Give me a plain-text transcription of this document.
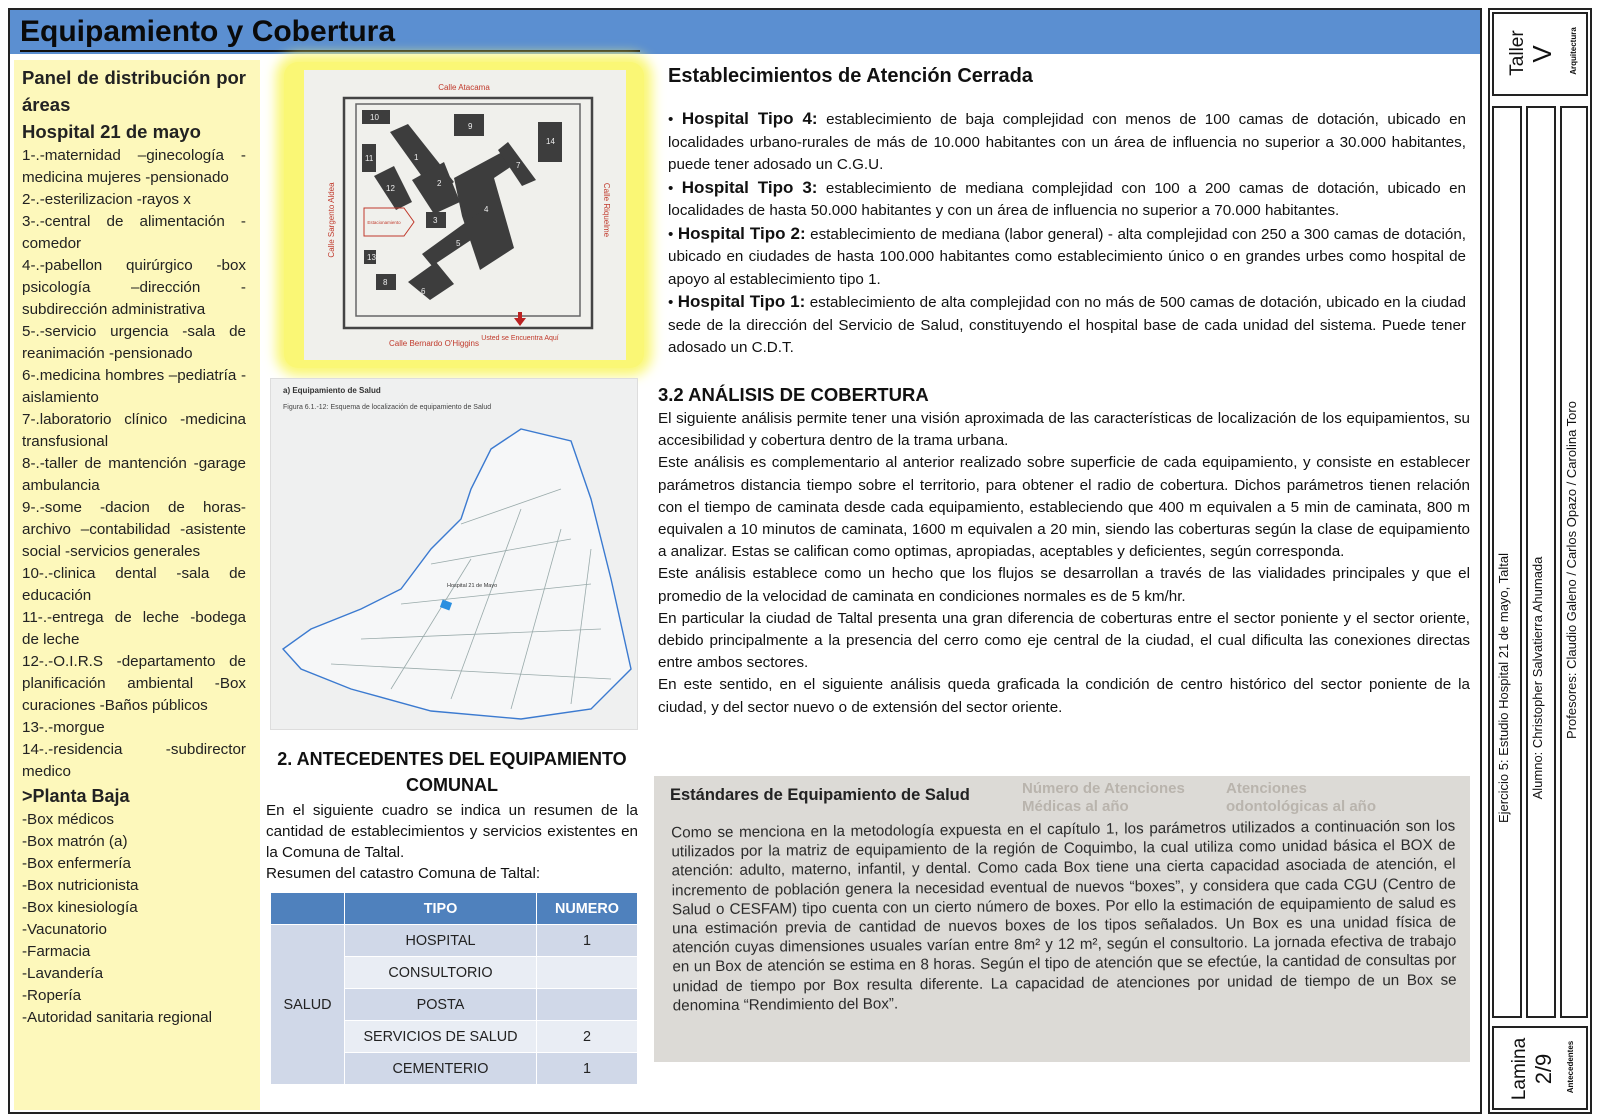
Equipamiento y Cobertura
Panel de distribución por áreas
Hospital 21 de mayo
1-.-maternidad –ginecología -medicina mujeres -pensionado
2-.-esterilizacion -rayos x
3-.-central de alimentación -comedor
4-.-pabellon quirúrgico -box psicología –dirección -subdirección administrativa
5-.-servicio urgencia -sala de reanimación -pensionado
6-.medicina hombres –pediatría -aislamiento
7-.laboratorio clínico -medicina transfusional
8-.-taller de mantención -garage ambulancia
9-.-some -dacion de horas-archivo –contabilidad -asistente social -servicios generales
10-.-clinica dental -sala de educación
11-.-entrega de leche -bodega de leche
12-.-O.I.R.S -departamento de planificación ambiental -Box curaciones -Baños públicos
13-.-morgue
14-.-residencia -subdirector medico
>Planta Baja
-Box médicos
-Box matrón (a)
-Box enfermería
-Box nutricionista
-Box kinesiología
-Vacunatorio
-Farmacia
-Lavandería
-Ropería
-Autoridad sanitaria regional
Calle Atacama
Calle Bernardo O'Higgins
Calle Sargento Aldea	Calle Riquelme
10
9
14
11	1
2
12
4
7
3
5
6
8
13
Estacionamiento
Usted se Encuentra Aquí
a) Equipamiento de Salud
Figura 6.1.-12: Esquema de localización de equipamiento de Salud
Hospital 21 de Mayo
2. ANTECEDENTES DEL EQUIPAMIENTO COMUNAL
En el siguiente cuadro se indica un resumen de la cantidad de establecimientos y servicios existentes en la Comuna de Taltal.
Resumen del catastro Comuna de Taltal:
	TIPO	NUMERO
SALUD	HOSPITAL	1
	CONSULTORIO	
	POSTA	
	SERVICIOS DE SALUD	2
	CEMENTERIO	1
Establecimientos de Atención Cerrada
• Hospital Tipo 4: establecimiento de baja complejidad con menos de 100 camas de dotación, ubicado en localidades urbano-rurales de más de 10.000 habitantes con un área de influencia no superior a 30.000 habitantes, puede tener adosado un C.G.U.
• Hospital Tipo 3: establecimiento de mediana complejidad con 100 a 200 camas de dotación, ubicado en localidades de hasta 50.000 habitantes y con un área de influencia no superior a 70.000 habitantes.
• Hospital Tipo 2: establecimiento de mediana (labor general) - alta complejidad con 250 a 300 camas de dotación, ubicado en ciudades de hasta 100.000 habitantes como establecimiento único o en grandes urbes como hospital de apoyo al establecimiento tipo 1.
• Hospital Tipo 1: establecimiento de alta complejidad con no más de 500 camas de dotación, ubicado en la ciudad sede de la dirección del Servicio de Salud, constituyendo el hospital base de cada unidad del sistema. Puede tener adosado un C.D.T.
3.2 ANÁLISIS DE COBERTURA
El siguiente análisis permite tener una visión aproximada de las características de localización de los equipamientos, su accesibilidad y cobertura dentro de la trama urbana.
Este análisis es complementario al anterior realizado sobre superficie de cada equipamiento, y consiste en establecer parámetros distancia tiempo sobre el territorio, para obtener el radio de cobertura. Dichos parámetros tienen relación con el tiempo de caminata desde cada equipamiento, estableciendo que 400 m equivalen a 5 min de caminata, 800 m equivalen a 10 minutos de caminata, 1600 m equivalen a 20 min, siendo las coberturas según la clase de equipamiento a analizar. Estas se califican como optimas, apropiadas, aceptables y deficientes, según corresponda.
Este análisis establece como un hecho que los flujos se desarrollan a través de las vialidades principales y que el promedio de la velocidad de caminata en condiciones normales es de 5 km/hr.
En particular la ciudad de Taltal presenta una gran diferencia de coberturas entre el sector poniente y el sector oriente, debido principalmente a la presencia del cerro como eje central de la ciudad, el cual dificulta las conexiones directas entre ambos sectores.
En este sentido, en el siguiente análisis queda graficada la condición de centro histórico del sector poniente de la ciudad, y del sector nuevo o de extensión del sector oriente.
Número de Atenciones Médicas al año
Atenciones odontológicas al año
Estándares de Equipamiento de Salud
Como se menciona en la metodología expuesta en el capítulo 1, los parámetros utilizados a continuación son los utilizados por la matriz de equipamiento de la región de Coquimbo, la cual utiliza como unidad básica el BOX de atención: adulto, materno, infantil, y dental. Como cada Box tiene una cierta capacidad asociada de atención, el incremento de población genera la necesidad eventual de nuevos “boxes”, y considera que cada CGU (Centro de Salud o CESFAM) tipo cuenta con un cierto número de boxes. Por ello la estimación de equipamiento de salud es una estimación previa de cantidad de nuevos boxes de los tipos señalados. Un Box es una unidad física de atención cuyas dimensiones usuales varían entre 8m² y 12 m², según el consultorio. La jornada efectiva de trabajo en un Box de atención se estima en 8 horas. Según el tipo de atención que se efectúe, la cantidad de consultas por unidad de tiempo por Box resulta diferente. La capacidad de atenciones por unidad de tiempo de un Box se denomina “Rendimiento del Box”.
Taller V Arquitectura
Ejercicio 5: Estudio Hospital 21 de mayo, Taltal Alumno: Christopher Salvatierra Ahumada Profesores: Claudio Galeno / Carlos Opazo / Carolina Toro
Lamina 2/9 Antecedentes
